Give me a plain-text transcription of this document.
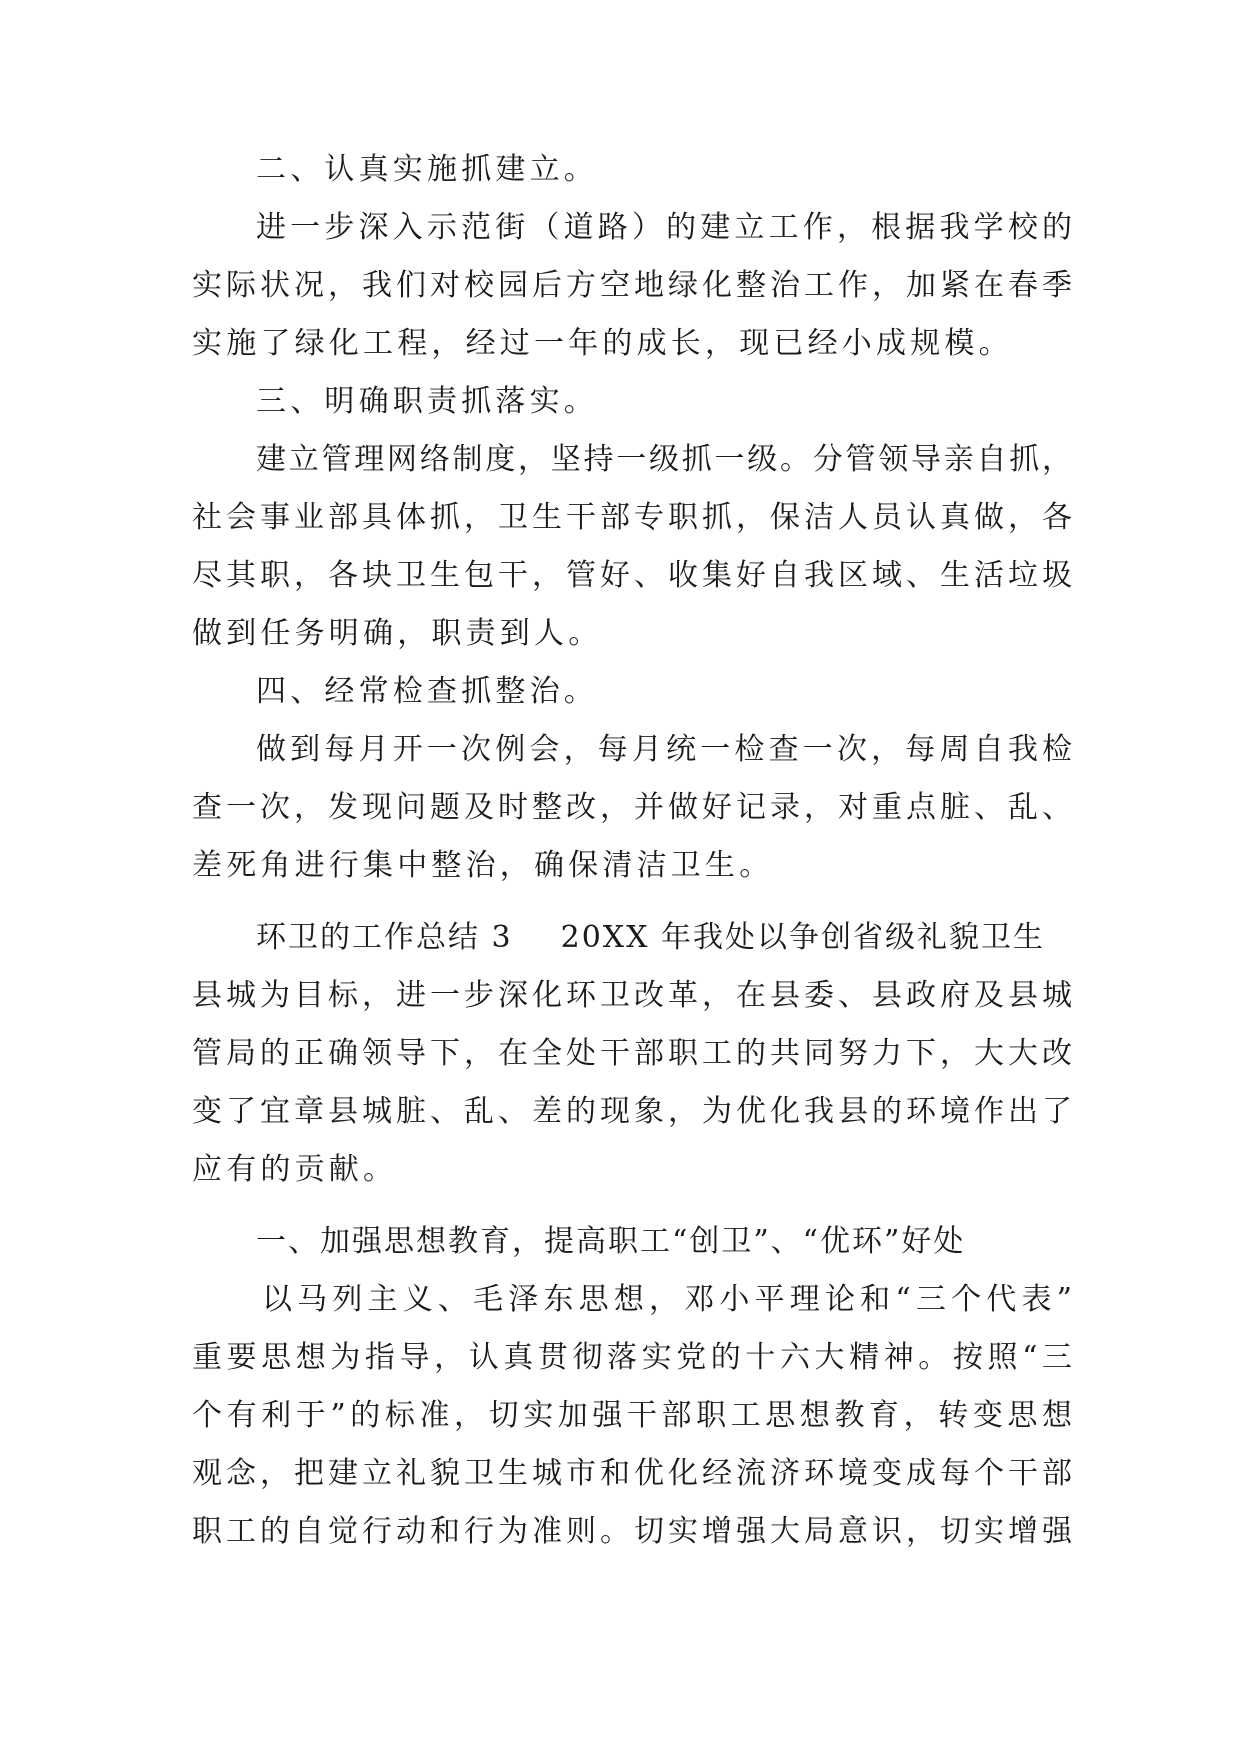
二、认真实施抓建立。
进一步深入示范街（道路）的建立工作，根据我学校的
实际状况，我们对校园后方空地绿化整治工作，加紧在春季
实施了绿化工程，经过一年的成长，现已经小成规模。
三、明确职责抓落实。
建立管理网络制度，坚持一级抓一级。分管领导亲自抓，
社会事业部具体抓，卫生干部专职抓，保洁人员认真做，各
尽其职，各块卫生包干，管好、收集好自我区域、生活垃圾
做到任务明确，职责到人。
四、经常检查抓整治。
做到每月开一次例会，每月统一检查一次，每周自我检
查一次，发现问题及时整改，并做好记录，对重点脏、乱、
差死角进行集中整治，确保清洁卫生。
环卫的工作总结 3 20XX 年我处以争创省级礼貌卫生
县城为目标，进一步深化环卫改革，在县委、县政府及县城
管局的正确领导下，在全处干部职工的共同努力下，大大改
变了宜章县城脏、乱、差的现象，为优化我县的环境作出了
应有的贡献。
一、加强思想教育，提高职工“创卫”、“优环”好处
以马列主义、毛泽东思想，邓小平理论和“三个代表”
重要思想为指导，认真贯彻落实党的十六大精神。按照“三
个有利于”的标准，切实加强干部职工思想教育，转变思想
观念，把建立礼貌卫生城市和优化经流济环境变成每个干部
职工的自觉行动和行为准则。切实增强大局意识，切实增强
